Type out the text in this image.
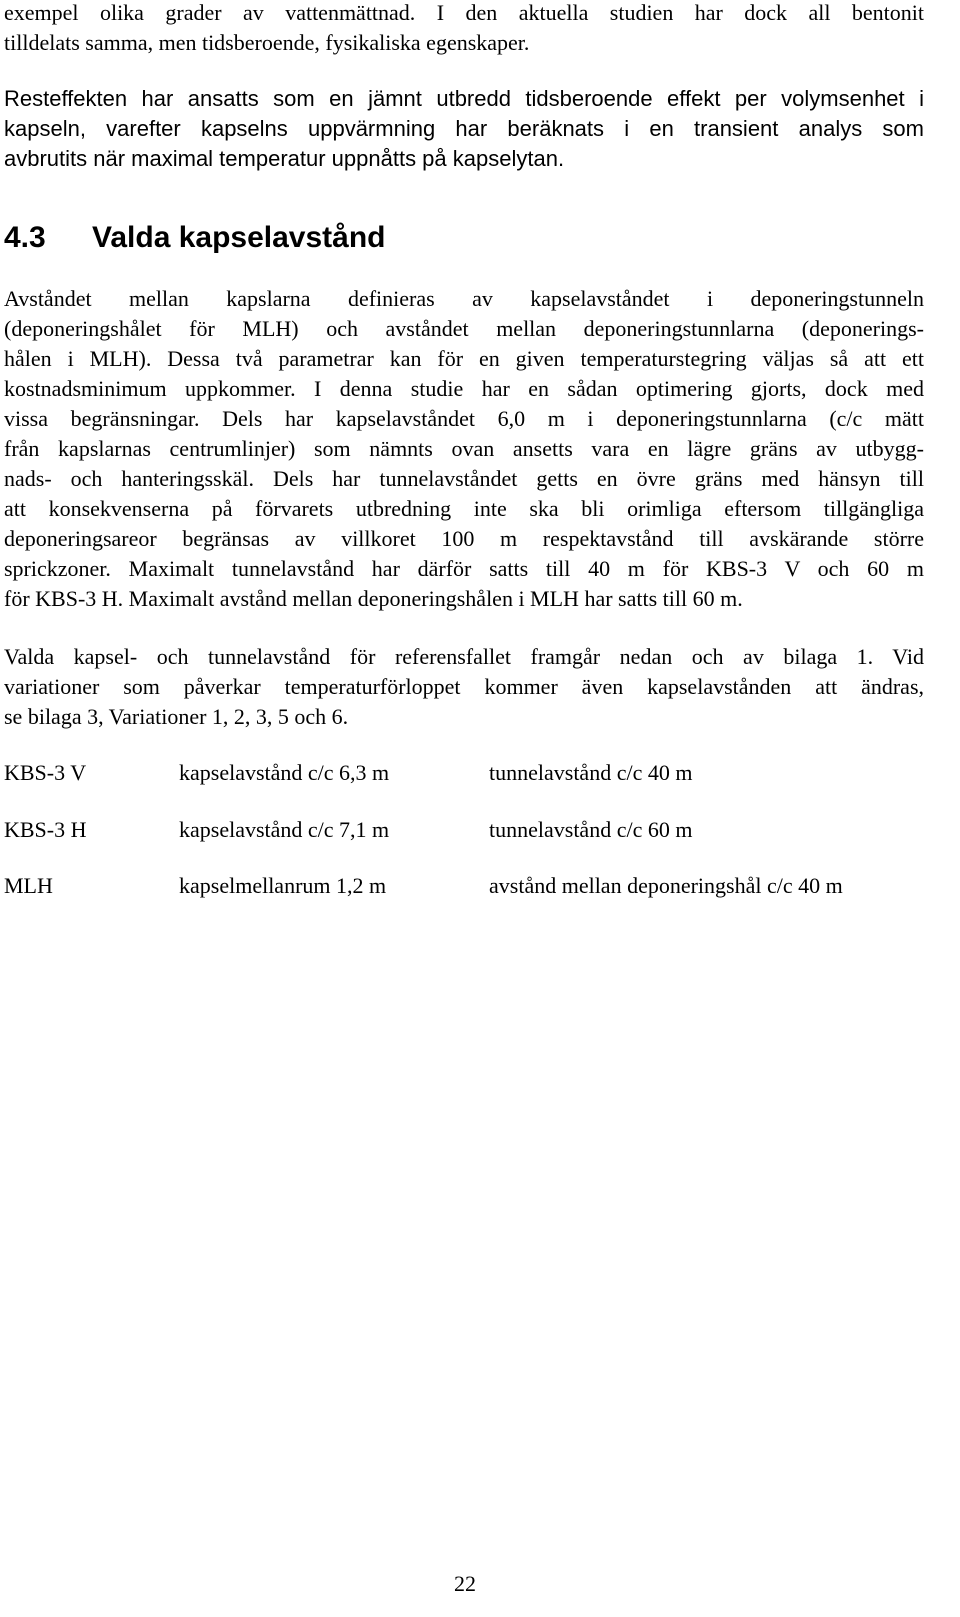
exempel olika grader av vattenmättnad. I den aktuella studien har dock all bentonit
tilldelats samma, men tidsberoende, fysikaliska egenskaper.
Resteffekten har ansatts som en jämnt utbredd tidsberoende effekt per volymsenhet i
kapseln, varefter kapselns uppvärmning har beräknats i en transient analys som
avbrutits när maximal temperatur uppnåtts på kapselytan.
4.3 Valda kapselavstånd
Avståndet mellan kapslarna definieras av kapselavståndet i deponeringstunneln
(deponeringshålet för MLH) och avståndet mellan deponeringstunnlarna (deponerings-
hålen i MLH). Dessa två parametrar kan för en given temperaturstegring väljas så att ett
kostnadsminimum uppkommer. I denna studie har en sådan optimering gjorts, dock med
vissa begränsningar. Dels har kapselavståndet 6,0 m i deponeringstunnlarna (c/c mätt
från kapslarnas centrumlinjer) som nämnts ovan ansetts vara en lägre gräns av utbygg-
nads- och hanteringsskäl. Dels har tunnelavståndet getts en övre gräns med hänsyn till
att konsekvenserna på förvarets utbredning inte ska bli orimliga eftersom tillgängliga
deponeringsareor begränsas av villkoret 100 m respektavstånd till avskärande större
sprickzoner. Maximalt tunnelavstånd har därför satts till 40 m för KBS-3 V och 60 m
för KBS-3 H. Maximalt avstånd mellan deponeringshålen i MLH har satts till 60 m.
Valda kapsel- och tunnelavstånd för referensfallet framgår nedan och av bilaga 1. Vid
variationer som påverkar temperaturförloppet kommer även kapselavstånden att ändras,
se bilaga 3, Variationer 1, 2, 3, 5 och 6.
KBS-3 V	kapselavstånd c/c 6,3 m	tunnelavstånd c/c 40 m
KBS-3 H	kapselavstånd c/c 7,1 m	tunnelavstånd c/c 60 m
MLH	kapselmellanrum 1,2 m	avstånd mellan deponeringshål c/c 40 m
22
